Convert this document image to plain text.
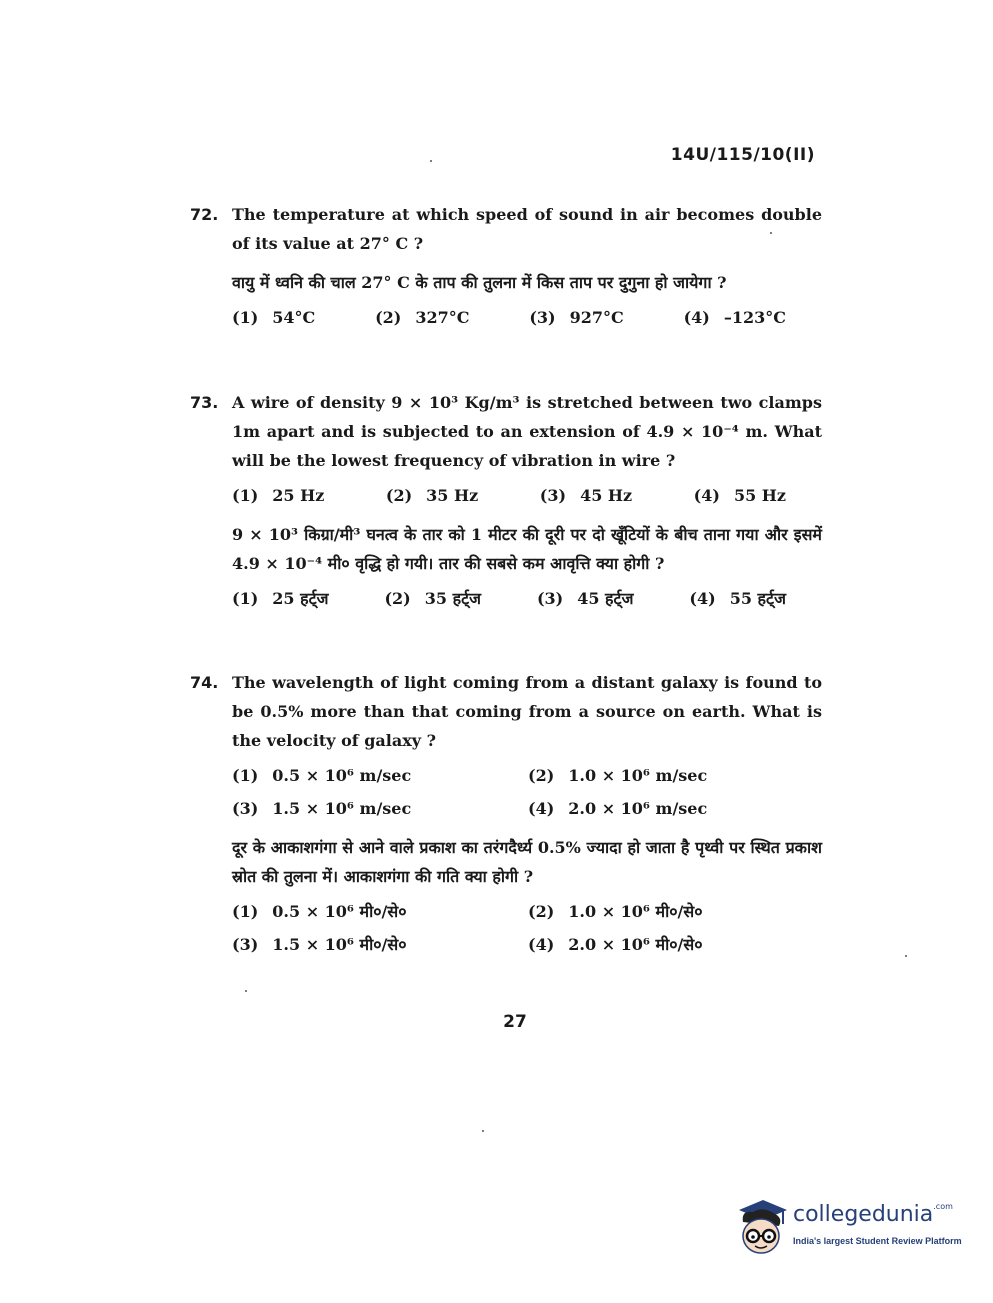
14U/115/10(II)
72. The temperature at which speed of sound in air becomes double of its value at 27° C ?
वायु में ध्वनि की चाल 27° C के ताप की तुलना में किस ताप पर दुगुना हो जायेगा ?
(1) 54°C	(2) 327°C	(3) 927°C	(4) –123°C
73. A wire of density 9 × 10³ Kg/m³ is stretched between two clamps 1m apart and is subjected to an extension of 4.9 × 10⁻⁴ m. What will be the lowest frequency of vibration in wire ?
(1) 25 Hz	(2) 35 Hz	(3) 45 Hz	(4) 55 Hz
9 × 10³ किग्रा/मी³ घनत्व के तार को 1 मीटर की दूरी पर दो खूँटियों के बीच ताना गया और इसमें 4.9 × 10⁻⁴ मी० वृद्धि हो गयी। तार की सबसे कम आवृत्ति क्या होगी ?
(1) 25 हर्ट्ज	(2) 35 हर्ट्ज	(3) 45 हर्ट्ज	(4) 55 हर्ट्ज
74. The wavelength of light coming from a distant galaxy is found to be 0.5% more than that coming from a source on earth. What is the velocity of galaxy ?
(1) 0.5 × 10⁶ m/sec	(2) 1.0 × 10⁶ m/sec
(3) 1.5 × 10⁶ m/sec	(4) 2.0 × 10⁶ m/sec
दूर के आकाशगंगा से आने वाले प्रकाश का तरंगदैर्ध्य 0.5% ज्यादा हो जाता है पृथ्वी पर स्थित प्रकाश स्रोत की तुलना में। आकाशगंगा की गति क्या होगी ?
(1) 0.5 × 10⁶ मी०/से०	(2) 1.0 × 10⁶ मी०/से०
(3) 1.5 × 10⁶ मी०/से०	(4) 2.0 × 10⁶ मी०/से०
27
collegedunia$^{.com}$
India's largest Student Review Platform
